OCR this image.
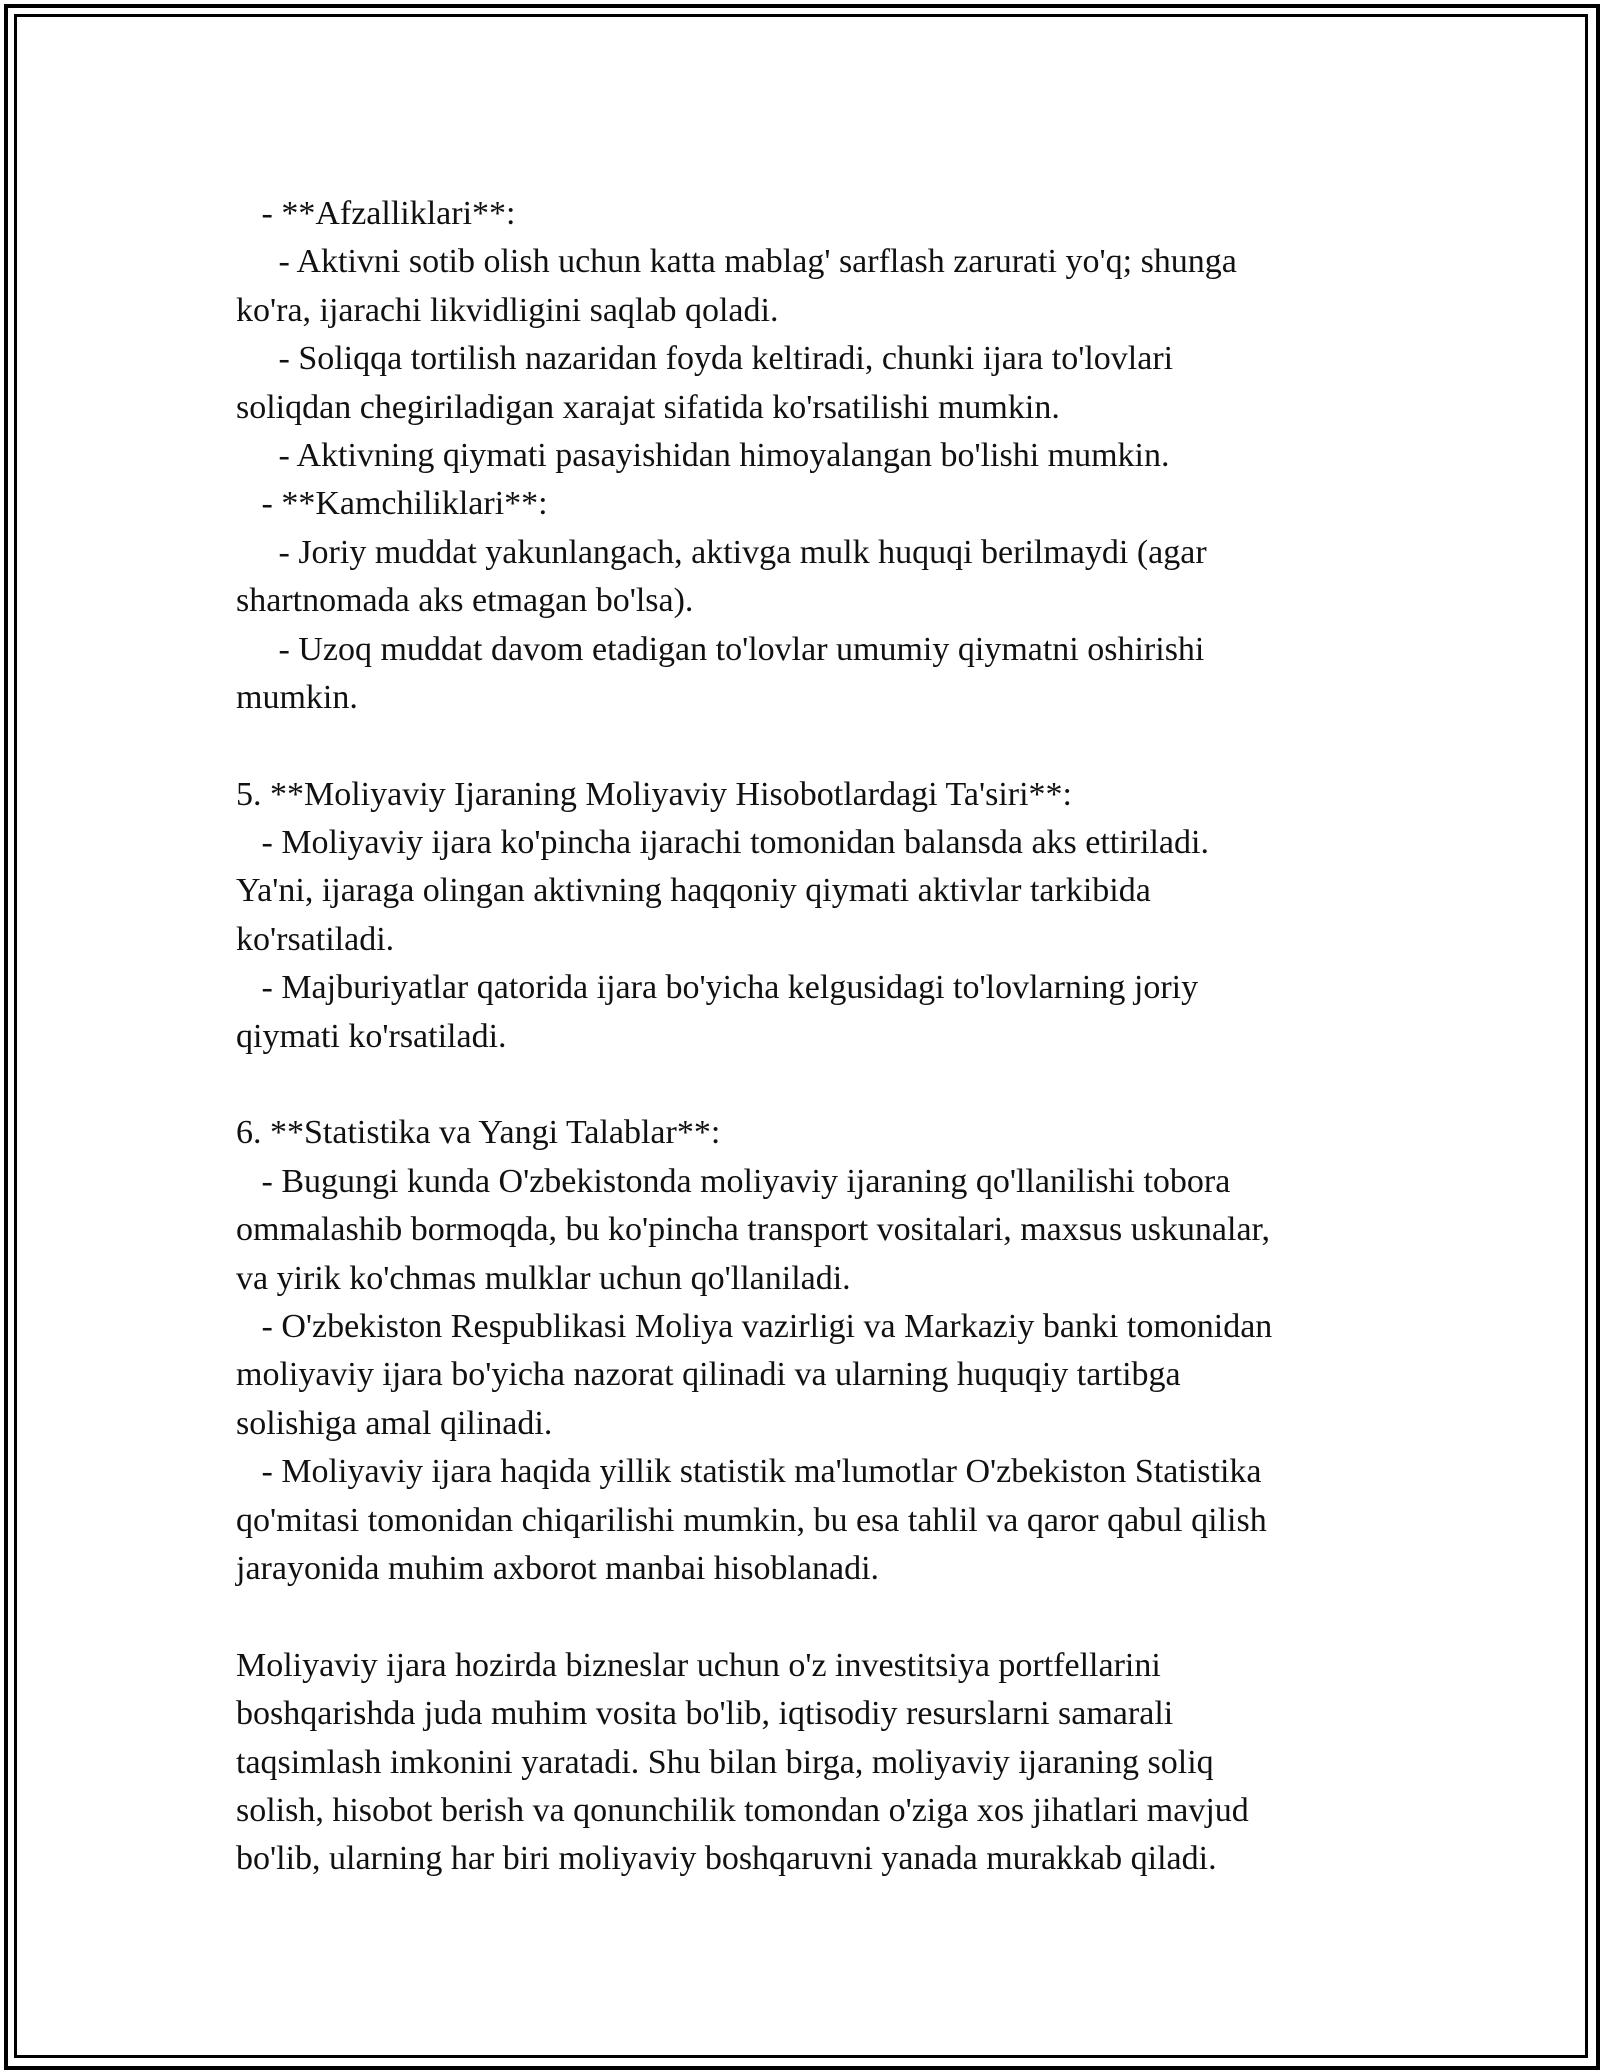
- **Afzalliklari**:
- Aktivni sotib olish uchun katta mablag' sarflash zarurati yo'q; shunga
ko'ra, ijarachi likvidligini saqlab qoladi.
- Soliqqa tortilish nazaridan foyda keltiradi, chunki ijara to'lovlari
soliqdan chegiriladigan xarajat sifatida ko'rsatilishi mumkin.
- Aktivning qiymati pasayishidan himoyalangan bo'lishi mumkin.
- **Kamchiliklari**:
- Joriy muddat yakunlangach, aktivga mulk huquqi berilmaydi (agar
shartnomada aks etmagan bo'lsa).
- Uzoq muddat davom etadigan to'lovlar umumiy qiymatni oshirishi
mumkin.
5. **Moliyaviy Ijaraning Moliyaviy Hisobotlardagi Ta'siri**:
- Moliyaviy ijara ko'pincha ijarachi tomonidan balansda aks ettiriladi.
Ya'ni, ijaraga olingan aktivning haqqoniy qiymati aktivlar tarkibida
ko'rsatiladi.
- Majburiyatlar qatorida ijara bo'yicha kelgusidagi to'lovlarning joriy
qiymati ko'rsatiladi.
6. **Statistika va Yangi Talablar**:
- Bugungi kunda O'zbekistonda moliyaviy ijaraning qo'llanilishi tobora
ommalashib bormoqda, bu ko'pincha transport vositalari, maxsus uskunalar,
va yirik ko'chmas mulklar uchun qo'llaniladi.
- O'zbekiston Respublikasi Moliya vazirligi va Markaziy banki tomonidan
moliyaviy ijara bo'yicha nazorat qilinadi va ularning huquqiy tartibga
solishiga amal qilinadi.
- Moliyaviy ijara haqida yillik statistik ma'lumotlar O'zbekiston Statistika
qo'mitasi tomonidan chiqarilishi mumkin, bu esa tahlil va qaror qabul qilish
jarayonida muhim axborot manbai hisoblanadi.
Moliyaviy ijara hozirda bizneslar uchun o'z investitsiya portfellarini
boshqarishda juda muhim vosita bo'lib, iqtisodiy resurslarni samarali
taqsimlash imkonini yaratadi. Shu bilan birga, moliyaviy ijaraning soliq
solish, hisobot berish va qonunchilik tomondan o'ziga xos jihatlari mavjud
bo'lib, ularning har biri moliyaviy boshqaruvni yanada murakkab qiladi.
